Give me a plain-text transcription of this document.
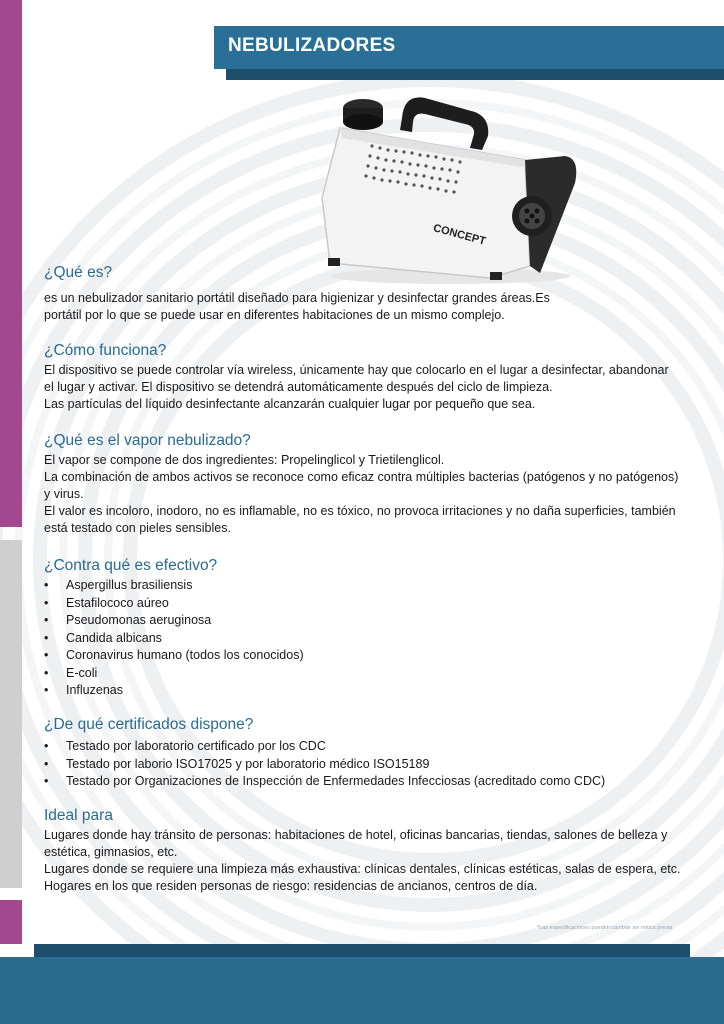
NEBULIZADORES
CONCEPT
¿Qué es?
es un nebulizador sanitario portátil diseñado para higienizar y desinfectar grandes áreas.Es
portátil por lo que se puede usar en diferentes habitaciones de un mismo complejo.
¿Cómo funciona?
El dispositivo se puede controlar vía wireless, únicamente hay que colocarlo en el lugar a desinfectar, abandonar
el lugar y activar. El dispositivo se detendrá automáticamente después del ciclo de limpieza.
Las partículas del líquido desinfectante alcanzarán cualquier lugar por pequeño que sea.
¿Qué es el vapor nebulizado?
El vapor se compone de dos ingredientes: Propelinglicol y Trietilenglicol.
La combinación de ambos activos se reconoce como eficaz contra múltiples bacterias (patógenos y no patógenos)
y virus.
El valor es incoloro, inodoro, no es inflamable, no es tóxico, no provoca irritaciones y no daña superficies, también
está testado con pieles sensibles.
¿Contra qué es efectivo?
• Aspergillus brasiliensis
• Estafilococo aúreo
• Pseudomonas aeruginosa
• Candida albicans
• Coronavirus humano (todos los conocidos)
• E-coli
• Influzenas
¿De qué certificados dispone?
• Testado por laboratorio certificado por los CDC
• Testado por laborio ISO17025 y por laboratorio médico ISO15189
• Testado por Organizaciones de Inspección de Enfermedades Infecciosas (acreditado como CDC)
Ideal para
Lugares donde hay tránsito de personas: habitaciones de hotel, oficinas bancarias, tiendas, salones de belleza y
estética, gimnasios, etc.
Lugares donde se requiere una limpieza más exhaustiva: clínicas dentales, clínicas estéticas, salas de espera, etc.
Hogares en los que residen personas de riesgo: residencias de ancianos, centros de día.
*Las especificaciones pueden cambiar sin notica previa
